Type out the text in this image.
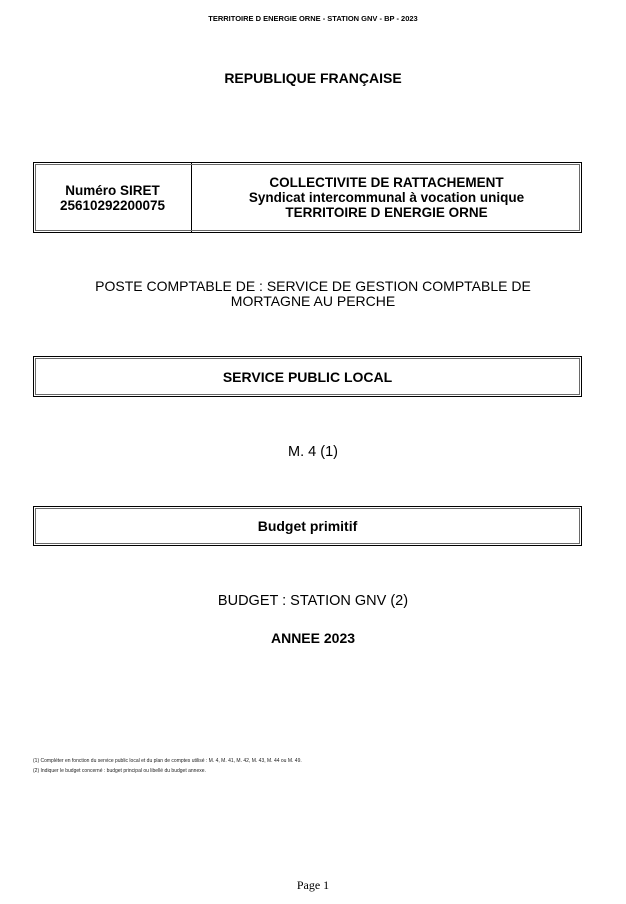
TERRITOIRE D ENERGIE ORNE - STATION GNV - BP - 2023
REPUBLIQUE FRANÇAISE
Numéro SIRET
25610292200075
COLLECTIVITE DE RATTACHEMENT
Syndicat intercommunal à vocation unique
TERRITOIRE D ENERGIE ORNE
POSTE COMPTABLE DE : SERVICE DE GESTION COMPTABLE DE
MORTAGNE AU PERCHE
SERVICE PUBLIC LOCAL
M. 4 (1)
Budget primitif
BUDGET : STATION GNV (2)
ANNEE 2023
(1) Compléter en fonction du service public local et du plan de comptes utilisé : M. 4, M. 41, M. 42, M. 43, M. 44 ou M. 49.
(2) Indiquer le budget concerné : budget principal ou libellé du budget annexe.
Page 1
